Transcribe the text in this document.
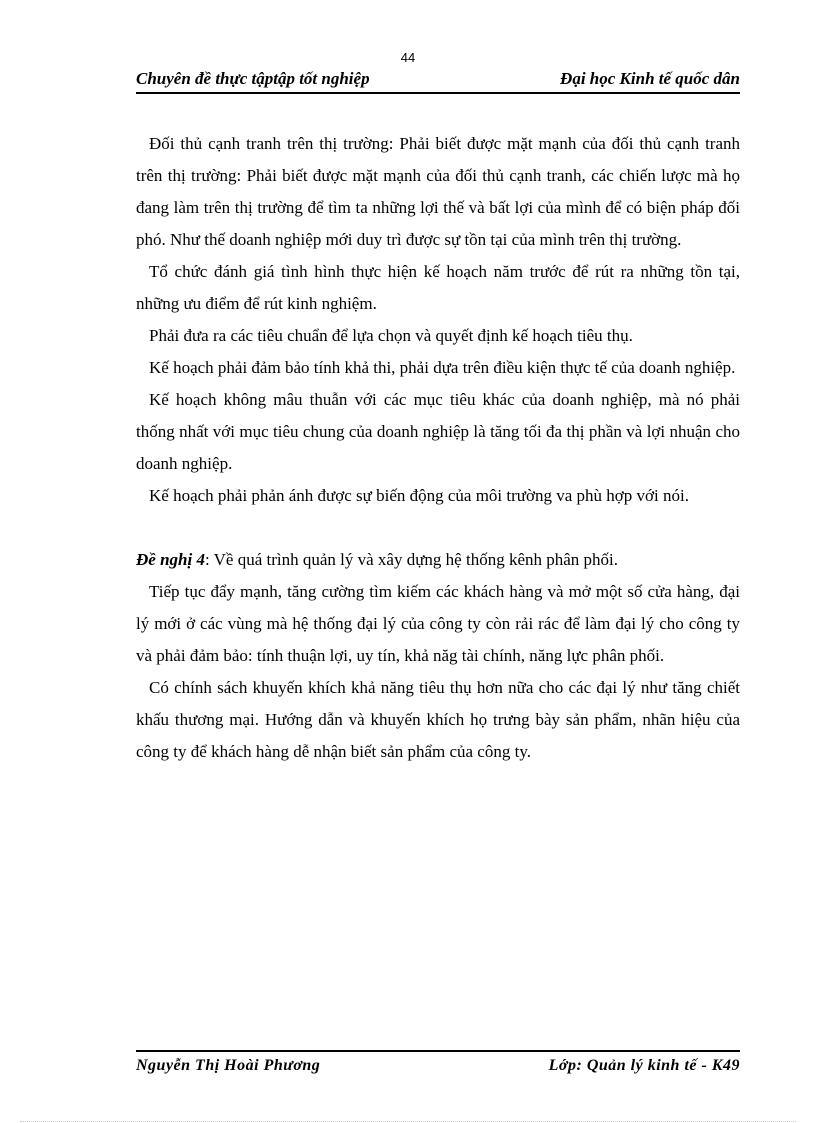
44
Chuyên đề thực tậptập tốt nghiệp	Đại học Kinh tế quốc dân

Đối thủ cạnh tranh trên thị trường: Phải biết được mặt mạnh của đối thủ cạnh tranh trên thị trường: Phải biết được mặt mạnh của đối thủ cạnh tranh, các chiến lược mà họ đang làm trên thị trường để tìm ta những lợi thế và bất lợi của mình để có biện pháp đối phó. Như thế doanh nghiệp mới duy trì được sự tồn tại của mình trên thị trường.

Tổ chức đánh giá tình hình thực hiện kế hoạch năm trước để rút ra những tồn tại, những ưu điểm để rút kinh nghiệm.

Phải đưa ra các tiêu chuẩn để lựa chọn và quyết định kế hoạch tiêu thụ.

Kế hoạch phải đảm bảo tính khả thi, phải dựa trên điều kiện thực tế của doanh nghiệp.

Kế hoạch không mâu thuẫn với các mục tiêu khác của doanh nghiệp, mà nó phải thống nhất với mục tiêu chung của doanh nghiệp là tăng tối đa thị phần và lợi nhuận cho doanh nghiệp.

Kế hoạch phải phản ánh được sự biến động của môi trường va phù hợp với nói.

Đề nghị 4: Về quá trình quản lý và xây dựng hệ thống kênh phân phối.

Tiếp tục đẩy mạnh, tăng cường tìm kiếm các khách hàng và mở một số cửa hàng, đại lý mới ở các vùng mà hệ thống đại lý của công ty còn rải rác để làm đại lý cho công ty và phải đảm bảo: tính thuận lợi, uy tín, khả năg tài chính, năng lực phân phối.

Có chính sách khuyến khích khả năng tiêu thụ hơn nữa cho các đại lý như tăng chiết khấu thương mại. Hướng dẫn và khuyến khích họ trưng bày sản phẩm, nhãn hiệu của công ty để khách hàng dễ nhận biết sản phẩm của công ty.

Nguyễn Thị Hoài Phương	Lớp: Quản lý kinh tế - K49
